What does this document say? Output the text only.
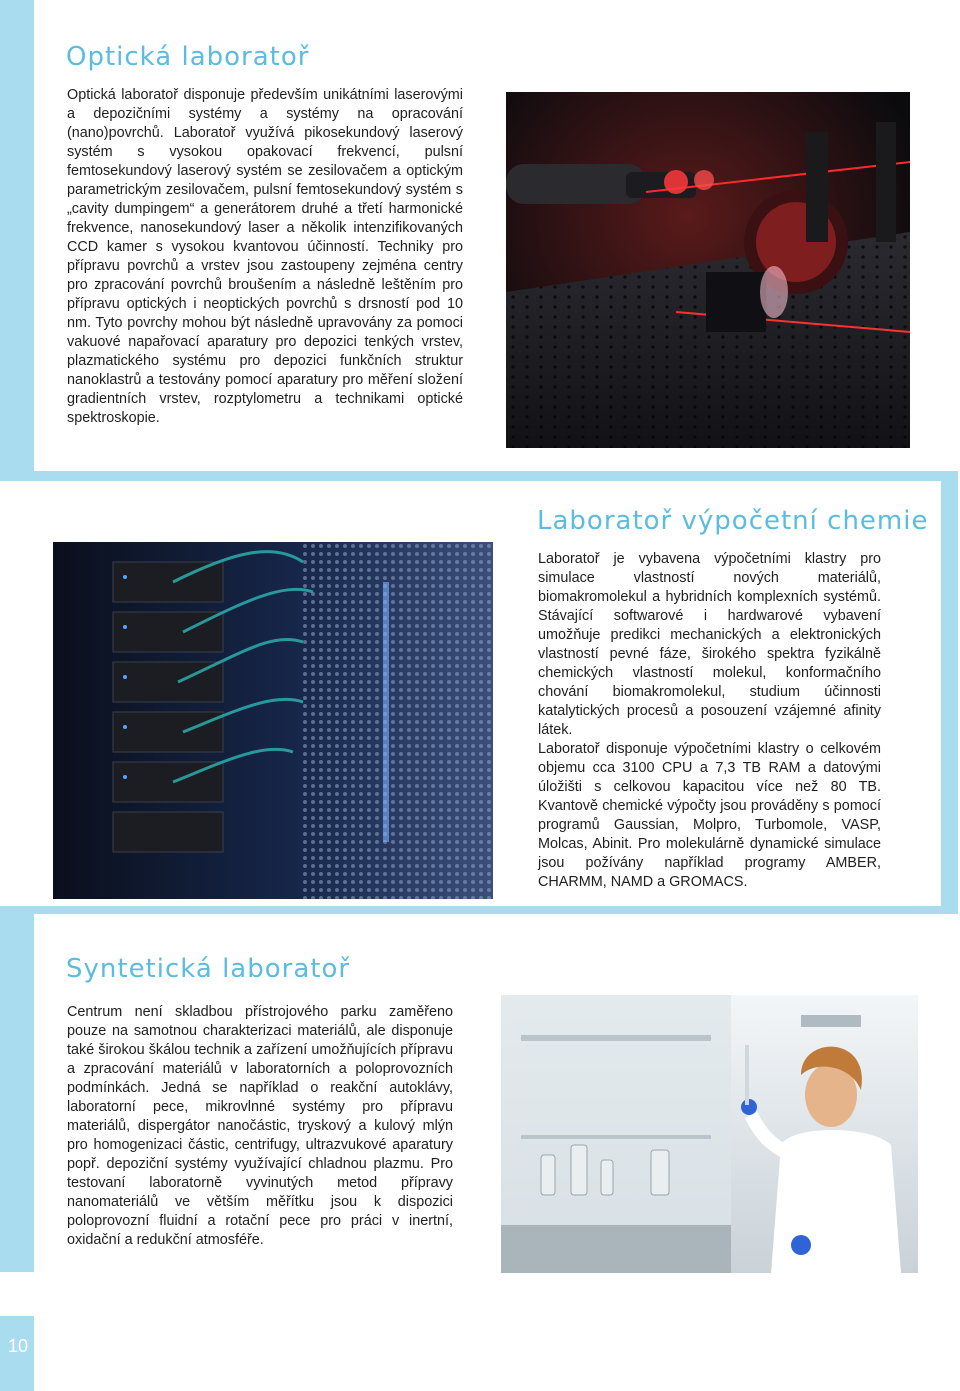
Optická laboratoř

Optická laboratoř disponuje především unikátními laserovými a depozičními systémy a systémy na opracování (nano)povrchů. Laboratoř využívá pikosekundový laserový systém s vysokou opakovací frekvencí, pulsní femtosekundový laserový systém se zesilovačem a optickým parametrickým zesilovačem, pulsní femtosekundový systém s „cavity dumpingem“ a generátorem druhé a třetí harmonické frekvence, nanosekundový laser a několik intenzifikovaných CCD kamer s vysokou kvantovou účinností. Techniky pro přípravu povrchů a vrstev jsou zastoupeny zejména centry pro zpracování povrchů broušením a následně leštěním pro přípravu optických i neoptických povrchů s drsností pod 10 nm. Tyto povrchy mohou být následně upravovány za pomoci vakuové napařovací aparatury pro depozici tenkých vrstev, plazmatického systému pro depozici funkčních struktur nanoklastrů a testovány pomocí aparatury pro měření složení gradientních vrstev, rozptylometru a technikami optické spektroskopie.

Laboratoř výpočetní chemie

Laboratoř je vybavena výpočetními klastry pro simulace vlastností nových materiálů, biomakromolekul a hybridních komplexních systémů. Stávající softwarové i hardwarové vybavení umožňuje predikci mechanických a elektronických vlastností pevné fáze, širokého spektra fyzikálně chemických vlastností molekul, konformačního chování biomakromolekul, studium účinnosti katalytických procesů a posouzení vzájemné afinity látek.

Laboratoř disponuje výpočetními klastry o celkovém objemu cca 3100 CPU a 7,3 TB RAM a datovými úložišti s celkovou kapacitou více než 80 TB. Kvantově chemické výpočty jsou prováděny s pomocí programů Gaussian, Molpro, Turbomole, VASP, Molcas, Abinit. Pro molekulárně dynamické simulace jsou požívány například programy AMBER, CHARMM, NAMD a GROMACS.

Syntetická laboratoř

Centrum není skladbou přístrojového parku zaměřeno pouze na samotnou charakterizaci materiálů, ale disponuje také širokou škálou technik a zařízení umožňujících přípravu a zpracování materiálů v laboratorních a poloprovozních podmínkách. Jedná se například o reakční autoklávy, laboratorní pece, mikrovlnné systémy pro přípravu materiálů, dispergátor nanočástic, tryskový a kulový mlýn pro homogenizaci částic, centrifugy, ultrazvukové aparatury popř. depoziční systémy využívající chladnou plazmu. Pro testovaní laboratorně vyvinutých metod přípravy nanomateriálů ve větším měřítku jsou k dispozici poloprovozní fluidní a rotační pece pro práci v inertní, oxidační a redukční atmosféře.

10
